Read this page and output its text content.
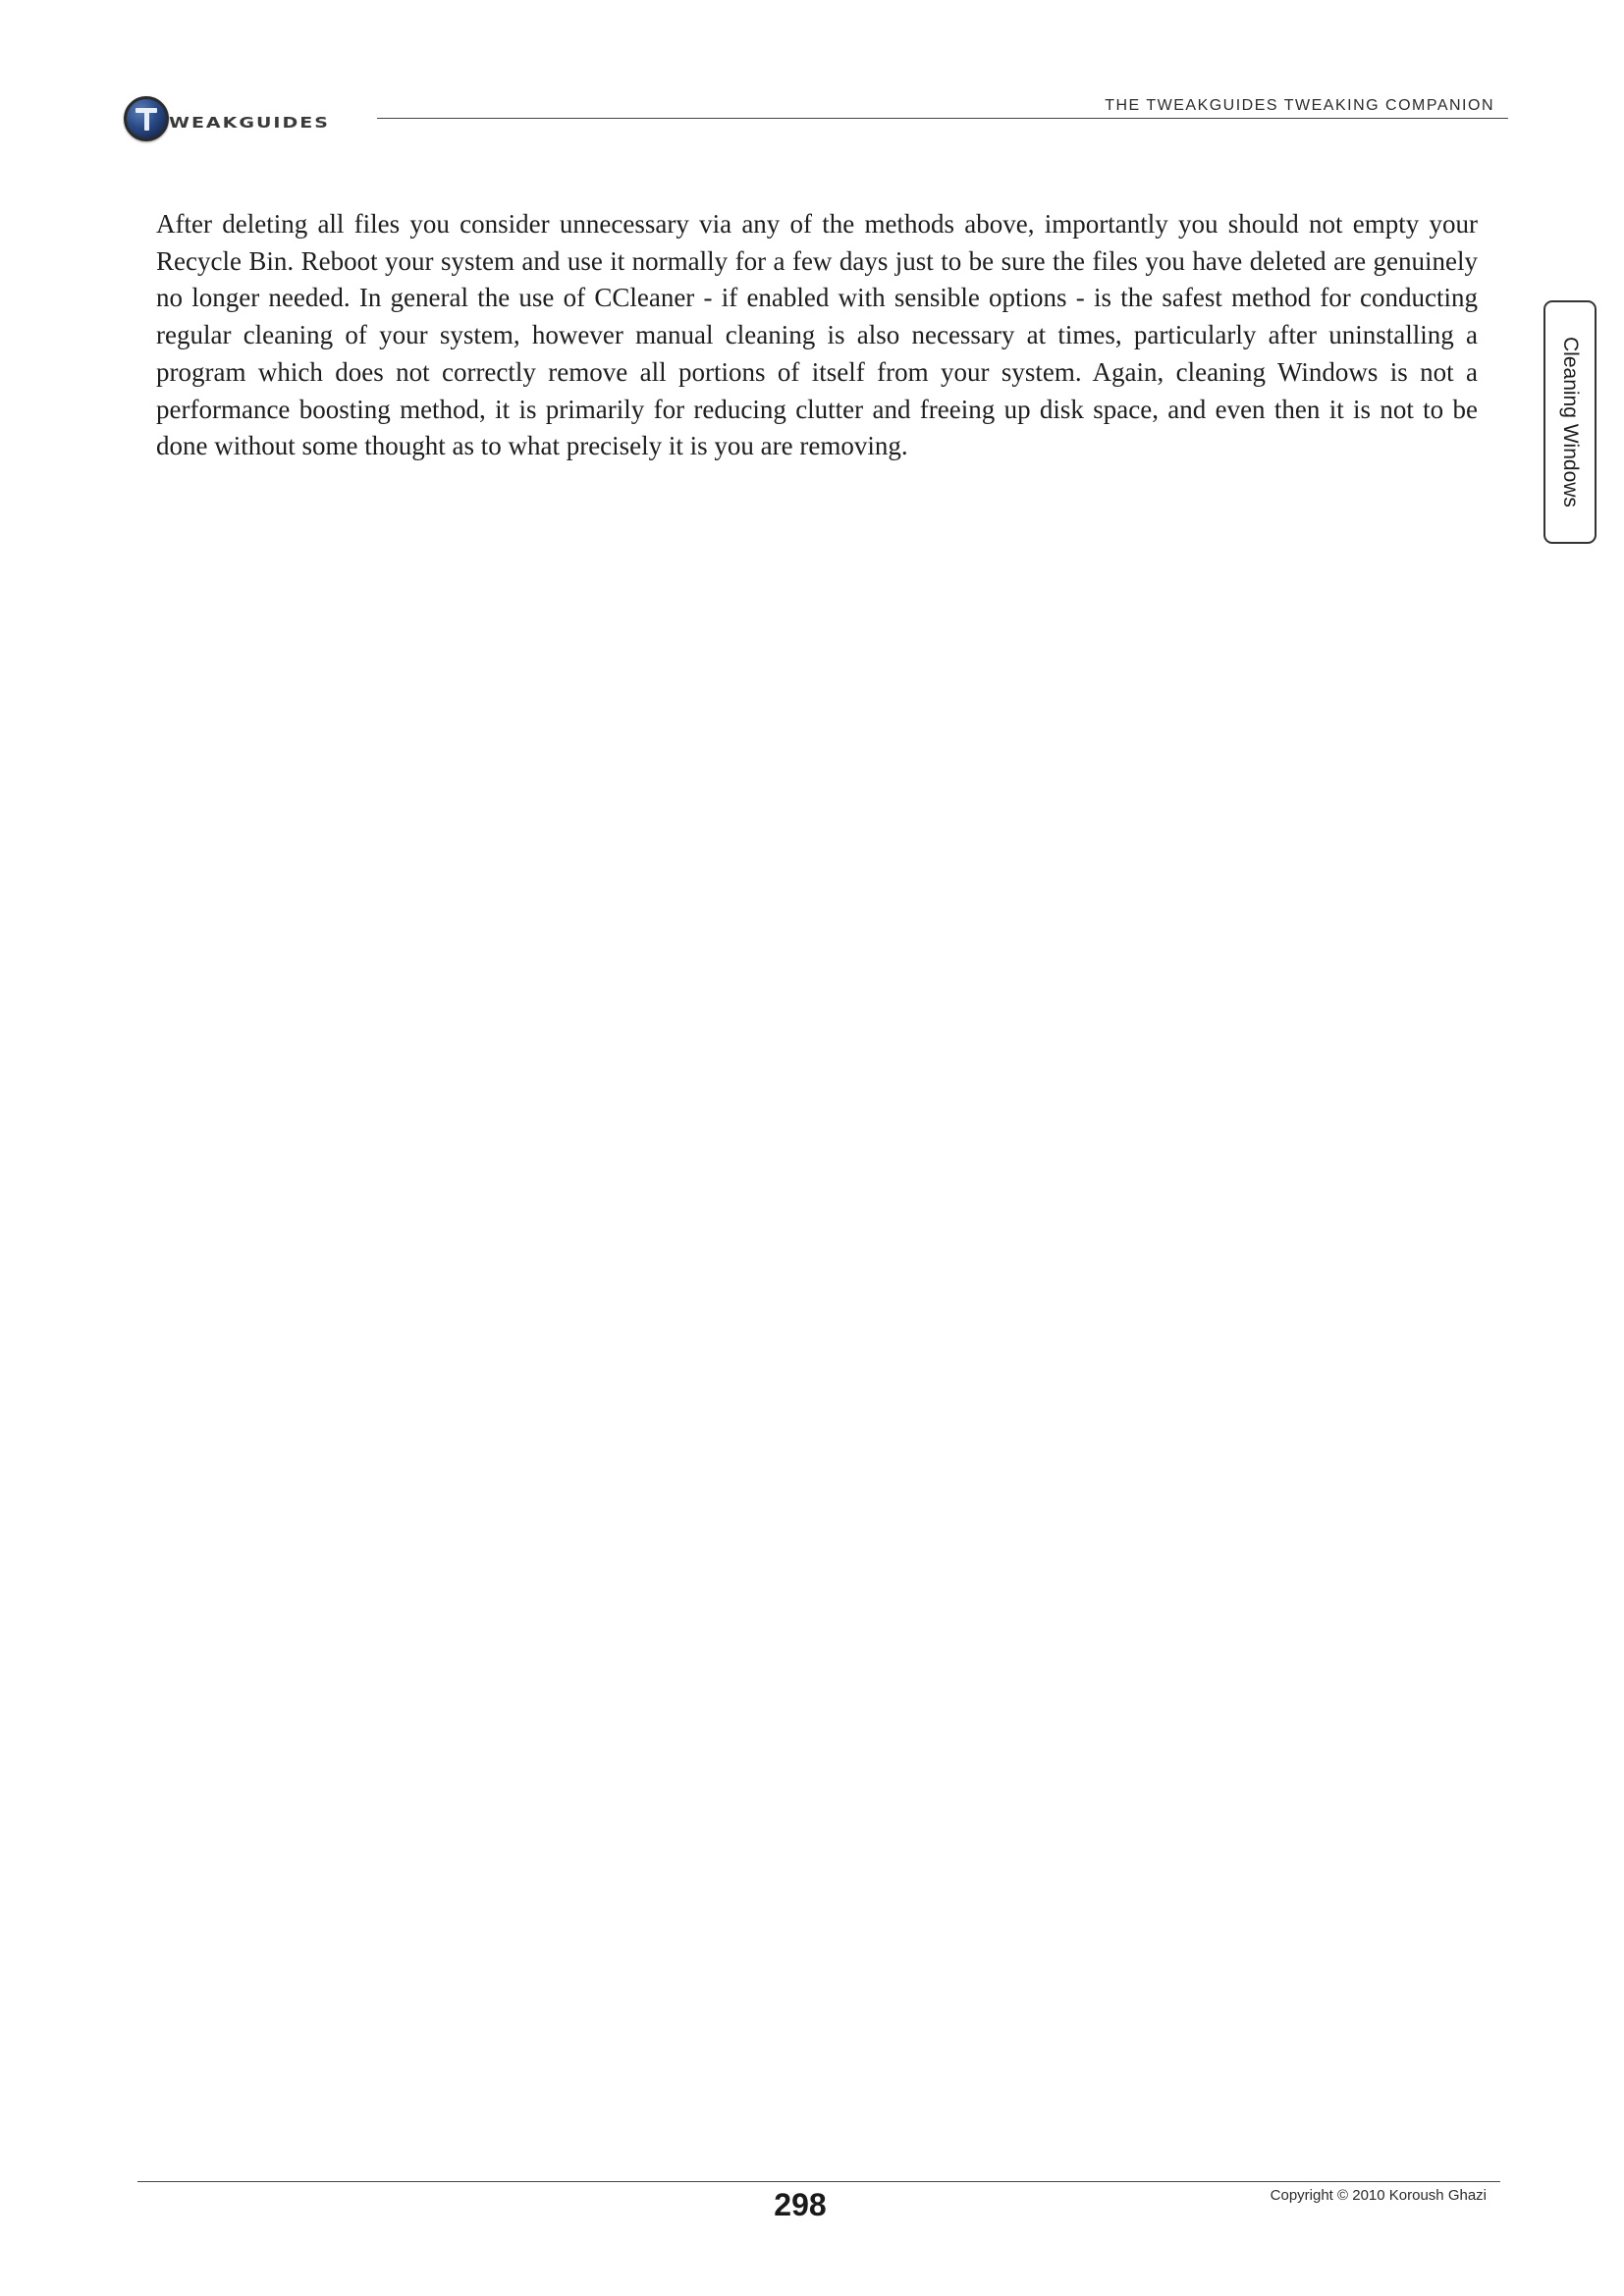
WEAKGUIDES
THE TWEAKGUIDES TWEAKING COMPANION

After deleting all files you consider unnecessary via any of the methods above, importantly you should not empty your Recycle Bin. Reboot your system and use it normally for a few days just to be sure the files you have deleted are genuinely no longer needed. In general the use of CCleaner - if enabled with sensible options - is the safest method for conducting regular cleaning of your system, however manual cleaning is also necessary at times, particularly after uninstalling a program which does not correctly remove all portions of itself from your system. Again, cleaning Windows is not a performance boosting method, it is primarily for reducing clutter and freeing up disk space, and even then it is not to be done without some thought as to what precisely it is you are removing.	Cleaning Windows
298	Copyright © 2010 Koroush Ghazi
